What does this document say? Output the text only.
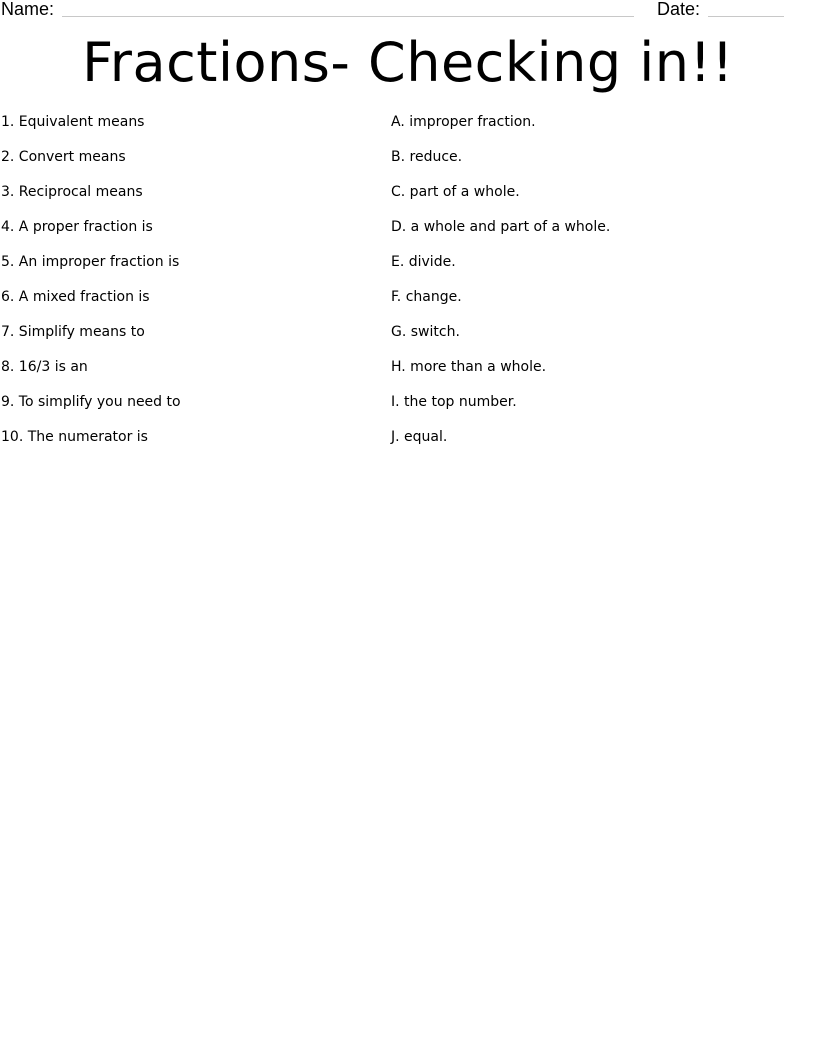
Name:	Date:
Fractions- Checking in!!
1. Equivalent means
2. Convert means
3. Reciprocal means
4. A proper fraction is
5. An improper fraction is
6. A mixed fraction is
7. Simplify means to
8. 16/3 is an
9. To simplify you need to
10. The numerator is
A. improper fraction.
B. reduce.
C. part of a whole.
D. a whole and part of a whole.
E. divide.
F. change.
G. switch.
H. more than a whole.
I. the top number.
J. equal.
